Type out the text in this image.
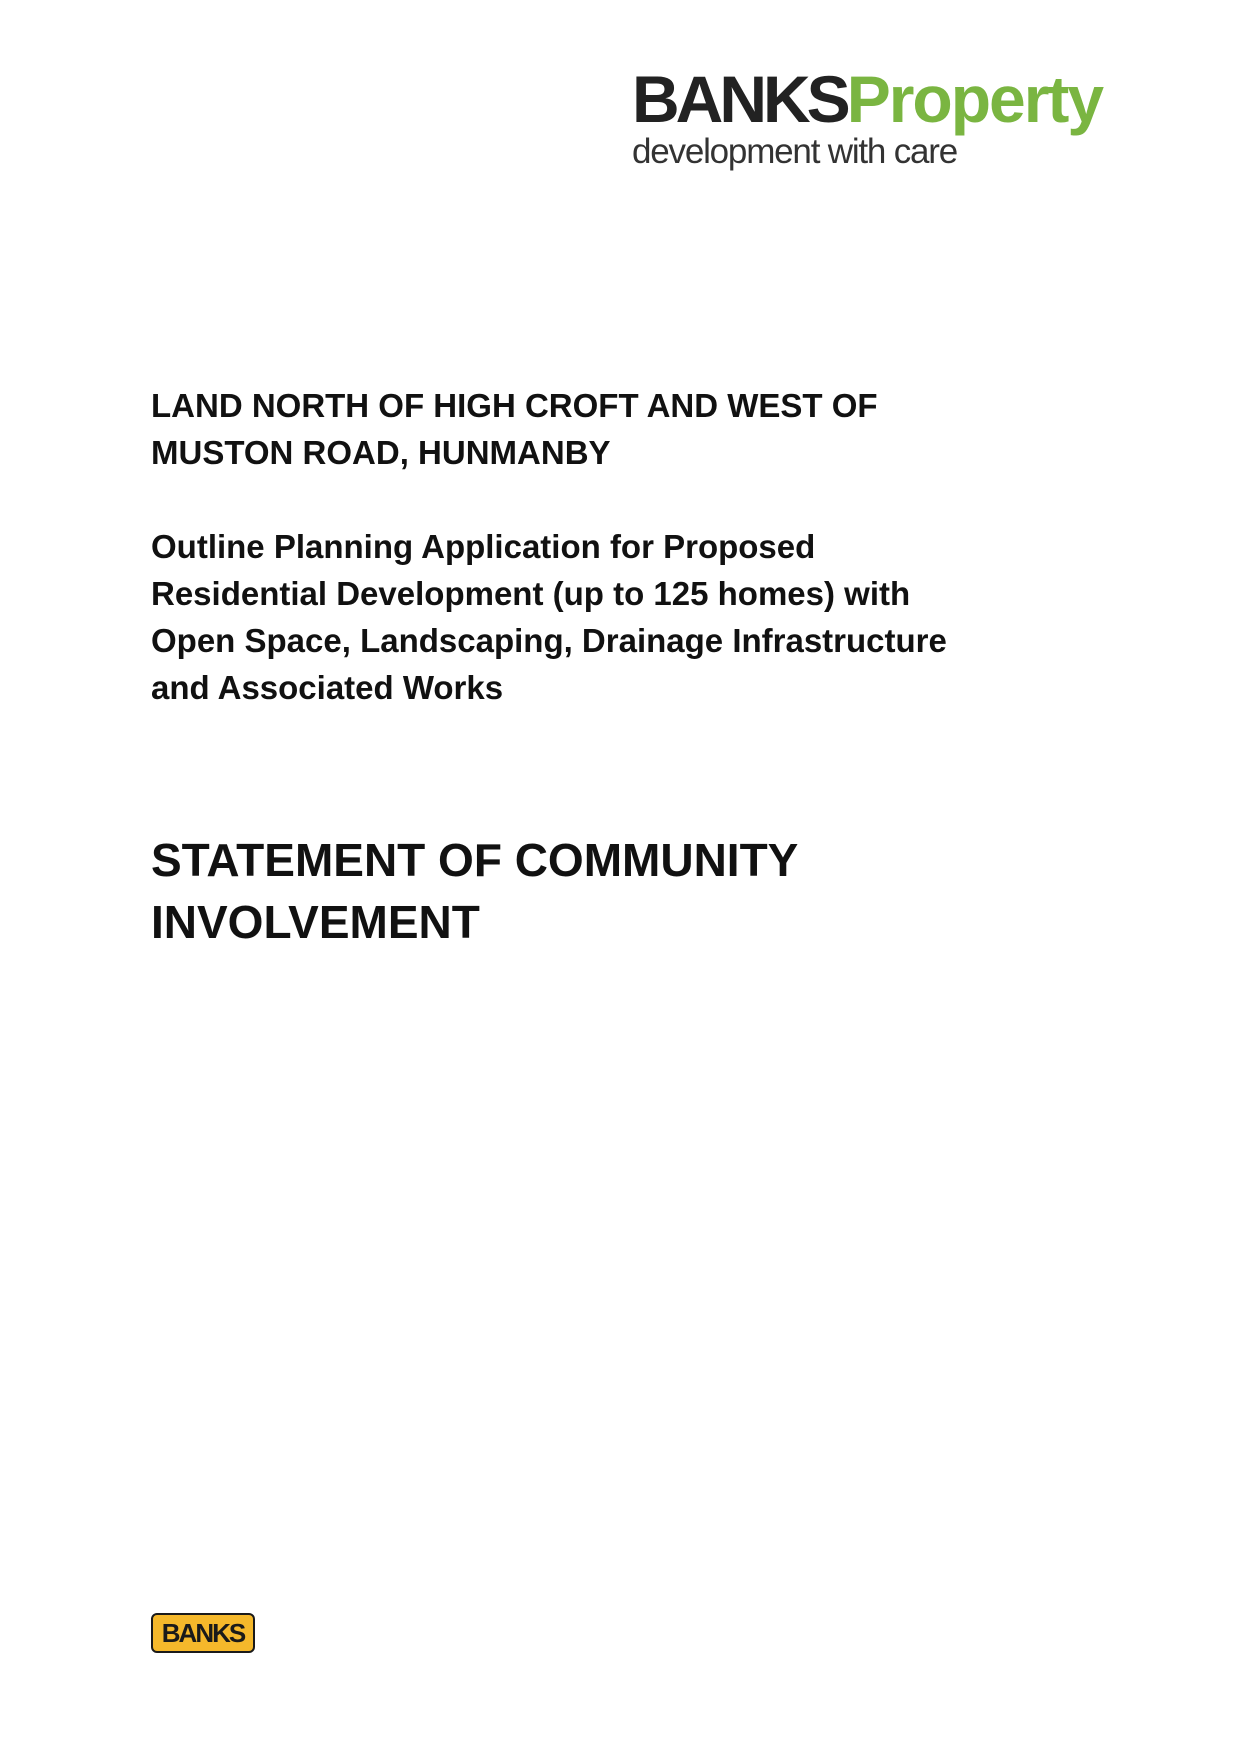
BANKS Property
development with care
LAND NORTH OF HIGH CROFT AND WEST OF
MUSTON ROAD, HUNMANBY
Outline Planning Application for Proposed
Residential Development (up to 125 homes) with
Open Space, Landscaping, Drainage Infrastructure
and Associated Works
STATEMENT OF COMMUNITY
INVOLVEMENT
BANKS
